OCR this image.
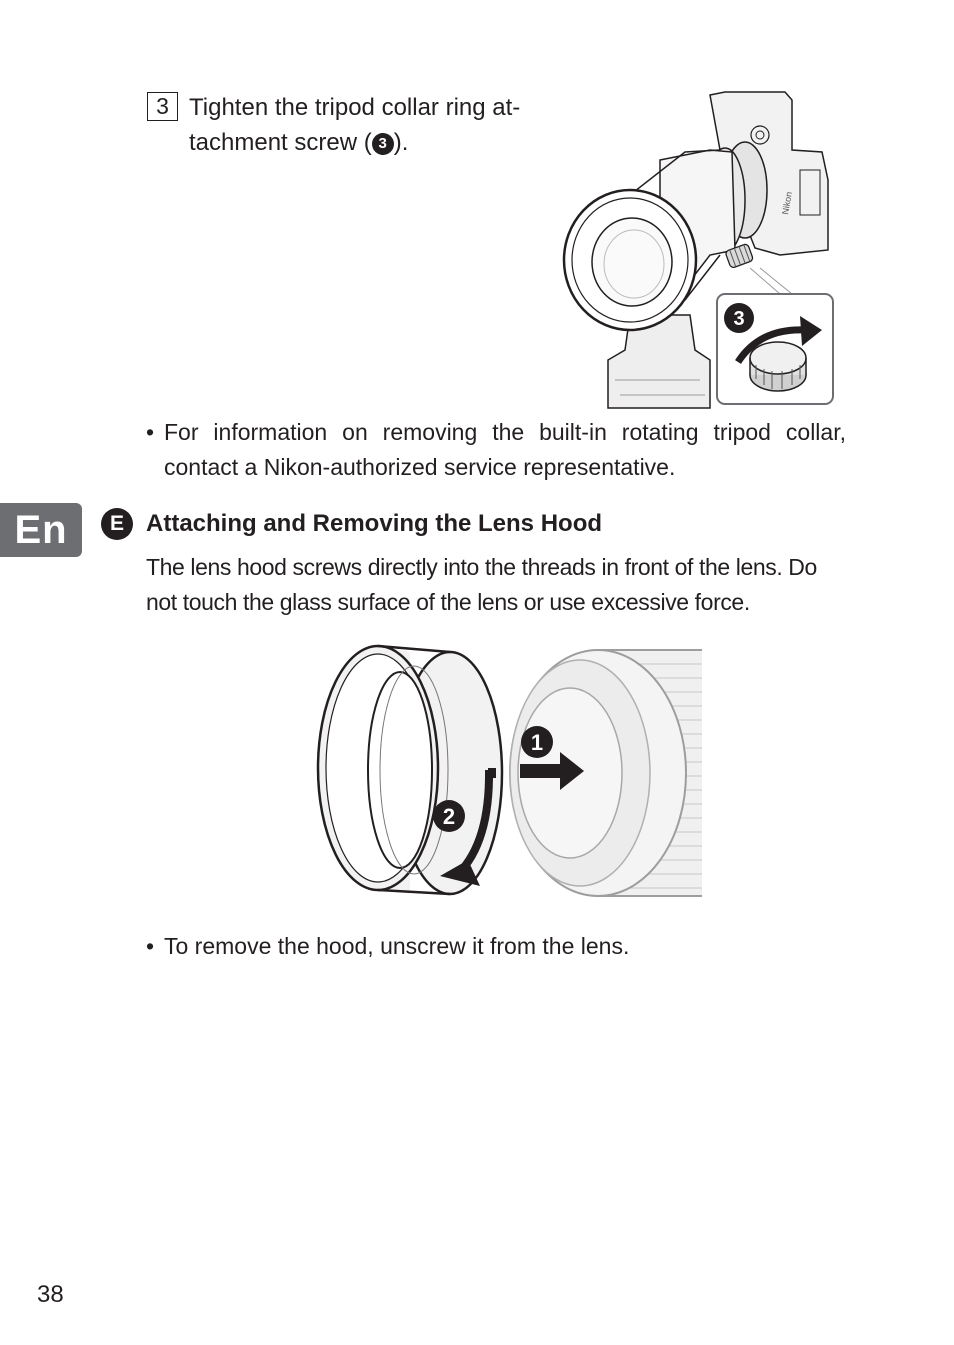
3 Tighten the tripod collar ring at-tachment screw ( 3 ).
Nikon
3
• For information on removing the built-in rotating tripod collar, contact a Nikon-authorized service representative.
En	E Attaching and Removing the Lens Hood
The lens hood screws directly into the threads in front of the lens. Do not touch the glass surface of the lens or use excessive force.
1
2
• To remove the hood, unscrew it from the lens.
38
